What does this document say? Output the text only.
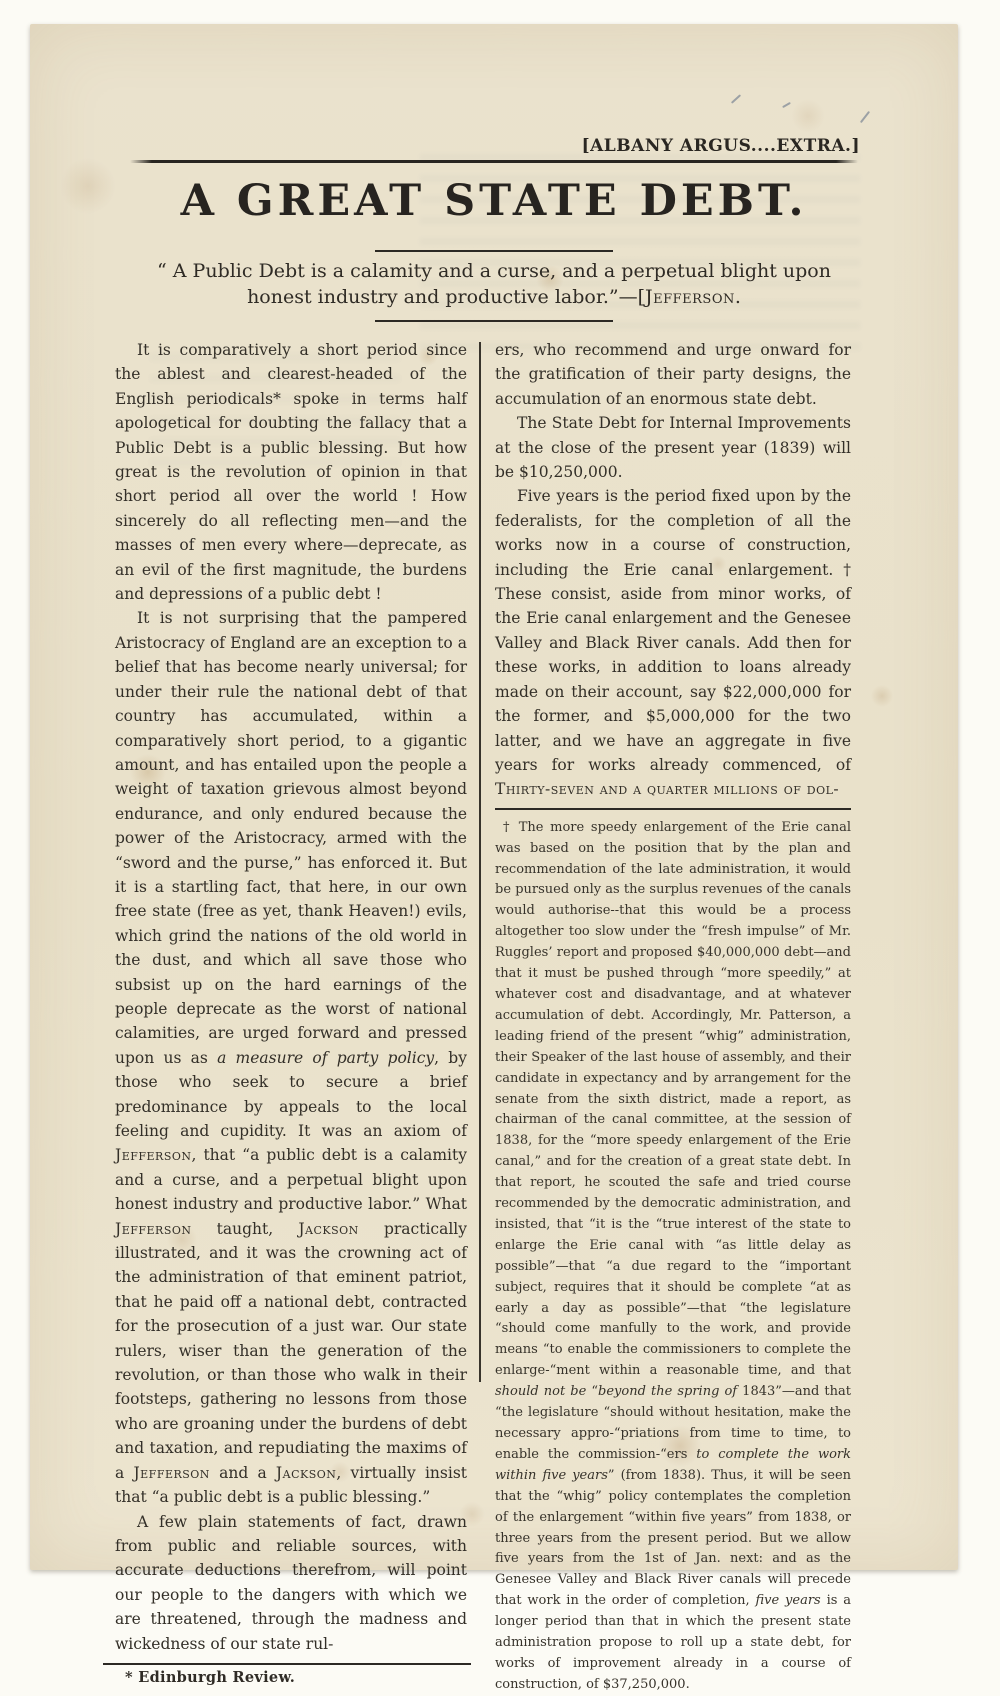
[ALBANY ARGUS....EXTRA.]
A GREAT STATE DEBT.
“ A Public Debt is a calamity and a curse, and a perpetual blight upon honest industry and productive labor.”—[Jefferson.

It is comparatively a short period since the ablest and clearest-headed of the English periodicals* spoke in terms half apologetical for doubting the fallacy that a Public Debt is a public blessing. But how great is the revolution of opinion in that short period all over the world ! How sincerely do all reflecting men—and the masses of men every where—deprecate, as an evil of the first magnitude, the burdens and depressions of a public debt !

It is not surprising that the pampered Aristocracy of England are an exception to a belief that has become nearly universal; for under their rule the national debt of that country has accumulated, within a comparatively short period, to a gigantic amount, and has entailed upon the people a weight of taxation grievous almost beyond endurance, and only endured because the power of the Aristocracy, armed with the “sword and the purse,” has enforced it. But it is a startling fact, that here, in our own free state (free as yet, thank Heaven!) evils, which grind the nations of the old world in the dust, and which all save those who subsist up on the hard earnings of the people deprecate as the worst of national calamities, are urged forward and pressed upon us as a measure of party policy, by those who seek to secure a brief predominance by appeals to the local feeling and cupidity. It was an axiom of Jefferson, that “a public debt is a calamity and a curse, and a perpetual blight upon honest industry and productive labor.” What Jefferson taught, Jackson practically illustrated, and it was the crowning act of the administration of that eminent patriot, that he paid off a national debt, contracted for the prosecution of a just war. Our state rulers, wiser than the generation of the revolution, or than those who walk in their footsteps, gathering no lessons from those who are groaning under the burdens of debt and taxation, and repudiating the maxims of a Jefferson and a Jackson, virtually insist that “a public debt is a public blessing.”

A few plain statements of fact, drawn from public and reliable sources, with accurate deductions therefrom, will point our people to the dangers with which we are threatened, through the madness and wickedness of our state rul-

* Edinburgh Review.

ers, who recommend and urge onward for the gratification of their party designs, the accumulation of an enormous state debt.

The State Debt for Internal Improvements at the close of the present year (1839) will be $10,250,000.

Five years is the period fixed upon by the federalists, for the completion of all the works now in a course of construction, including the Erie canal enlargement.† These consist, aside from minor works, of the Erie canal enlargement and the Genesee Valley and Black River canals. Add then for these works, in addition to loans already made on their account, say $22,000,000 for the former, and $5,000,000 for the two latter, and we have an aggregate in five years for works already commenced, of Thirty-seven and a quarter millions of dol-

† The more speedy enlargement of the Erie canal was based on the position that by the plan and recommendation of the late administration, it would be pursued only as the surplus revenues of the canals would authorise--that this would be a process altogether too slow under the “fresh impulse” of Mr. Ruggles’ report and proposed $40,000,000 debt—and that it must be pushed through “more speedily,” at whatever cost and disadvantage, and at whatever accumulation of debt. Accordingly, Mr. Patterson, a leading friend of the present “whig” administration, their Speaker of the last house of assembly, and their candidate in expectancy and by arrangement for the senate from the sixth district, made a report, as chairman of the canal committee, at the session of 1838, for the “more speedy enlargement of the Erie canal,” and for the creation of a great state debt. In that report, he scouted the safe and tried course recommended by the democratic administration, and insisted, that “it is the “true interest of the state to enlarge the Erie canal with “as little delay as possible”—that “a due regard to the “important subject, requires that it should be complete “at as early a day as possible”—that “the legislature “should come manfully to the work, and provide means “to enable the commissioners to complete the enlarge-“ment within a reasonable time, and that should not be “beyond the spring of 1843”—and that “the legislature “should without hesitation, make the necessary appro-“priations from time to time, to enable the commission-“ers to complete the work within five years” (from 1838). Thus, it will be seen that the “whig” policy contemplates the completion of the enlargement “within five years” from 1838, or three years from the present period. But we allow five years from the 1st of Jan. next: and as the Genesee Valley and Black River canals will precede that work in the order of completion, five years is a longer period than that in which the present state administration propose to roll up a state debt, for works of improvement already in a course of construction, of $37,250,000.
